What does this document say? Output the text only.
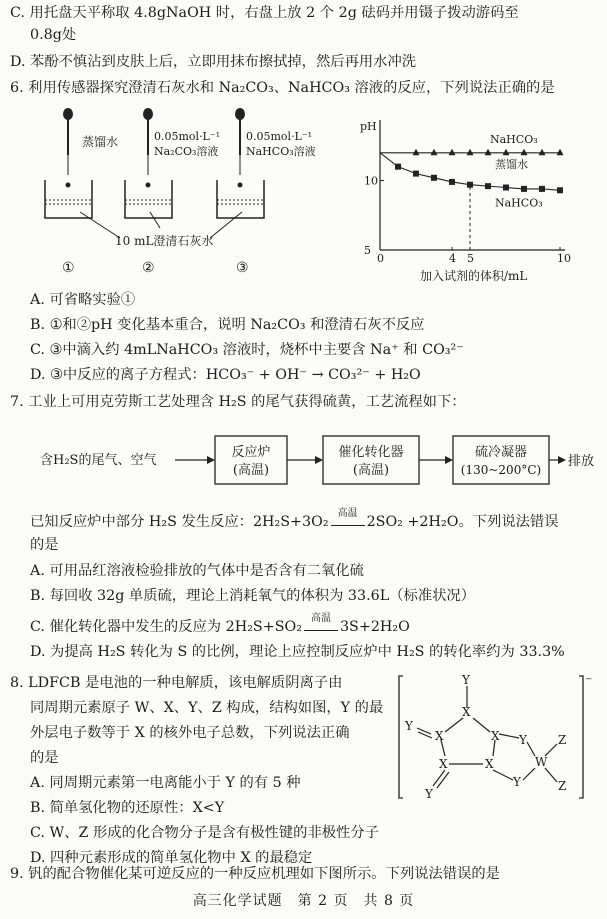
C. 用托盘天平称取 4.8gNaOH 时，右盘上放 2 个 2g 砝码并用镊子拨动游码至
0.8g处
D. 苯酚不慎沾到皮肤上后，立即用抹布擦拭掉，然后再用水冲洗
6. 利用传感器探究澄清石灰水和 Na₂CO₃、NaHCO₃ 溶液的反应，下列说法正确的是
蒸馏水	0.05mol·L⁻¹
Na₂CO₃溶液
0.05mol·L⁻¹
NaHCO₃溶液
10 mL澄清石灰水
①	②	③
pH
5
10
0	4 5	10
加入试剂的体积/mL
NaHCO₃
蒸馏水
NaHCO₃
A. 可省略实验①
B. ①和②pH 变化基本重合，说明 Na₂CO₃ 和澄清石灰不反应
C. ③中滴入约 4mLNaHCO₃ 溶液时，烧杯中主要含 Na⁺ 和 CO₃²⁻
D. ③中反应的离子方程式：HCO₃⁻ + OH⁻ → CO₃²⁻ + H₂O
7. 工业上可用克劳斯工艺处理含 H₂S 的尾气获得硫黄，工艺流程如下：
含H₂S的尾气、空气
反应炉
(高温)
催化转化器
(高温)
硫冷凝器
(130~200°C)
排放
已知反应炉中部分 H₂S 发生反应：2H₂S+3O₂
高温
2SO₂ +2H₂O。下列说法错误
的是
A. 可用品红溶液检验排放的气体中是否含有二氧化硫
B. 每回收 32g 单质硫，理论上消耗氧气的体积为 33.6L（标准状况）
C. 催化转化器中发生的反应为 2H₂S+SO₂
高温
3S+2H₂O
D. 为提高 H₂S 转化为 S 的比例，理论上应控制反应炉中 H₂S 的转化率约为 33.3%
8. LDFCB 是电池的一种电解质，该电解质阴离子由
同周期元素原子 W、X、Y、Z 构成，结构如图，Y 的最
外层电子数等于 X 的核外电子总数，下列说法正确
的是
A. 同周期元素第一电离能小于 Y 的有 5 种
B. 简单氢化物的还原性：X<Y
C. W、Z 形成的化合物分子是含有极性键的非极性分子
D. 四种元素形成的简单氢化物中 X 的最稳定
⁻
Y
X
Y
X	X
X	X
Y
Y
W
Z
Z
Y
9. 钒的配合物催化某可逆反应的一种反应机理如下图所示。下列说法错误的是
高三化学试题　第 2 页　共 8 页
